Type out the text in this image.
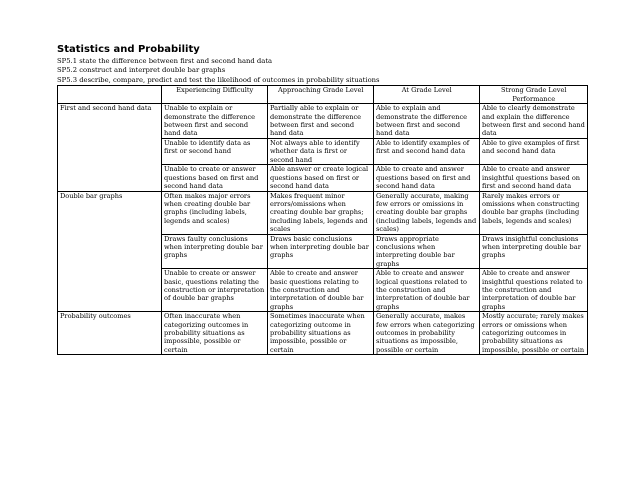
Statistics and Probability
SP5.1 state the difference between first and second hand data
SP5.2 construct and interpret double bar graphs
SP5.3 describe, compare, predict and test the likelihood of outcomes in probability situations
	Experiencing Difficulty	Approaching Grade Level	At Grade Level	Strong Grade Level Performance
First and second hand data	Unable to explain or demonstrate the difference between first and second hand data	Partially able to explain or demonstrate the difference between first and second hand data	Able to explain and demonstrate the difference between first and second hand data	Able to clearly demonstrate and explain the difference between first and second hand data
	Unable to identify data as first or second hand	Not always able to identify whether data is first or second hand	Able to identify examples of first and second hand data	Able to give examples of first and second hand data
	Unable to create or answer questions based on first and second hand data	Able answer or create logical questions based on first or second hand data	Able to create and answer questions based on first and second hand data	Able to create and answer insightful questions based on first and second hand data
Double bar graphs	Often makes major errors when creating double bar graphs (including labels, legends and scales)	Makes frequent minor errors/omissions when creating double bar graphs; including labels, legends and scales	Generally accurate, making few errors or omissions in creating double bar graphs (including labels, legends and scales)	Rarely makes errors or omissions when constructing double bar graphs (including labels, legends and scales)
	Draws faulty conclusions when interpreting double bar graphs	Draws basic conclusions when interpreting double bar graphs	Draws appropriate conclusions when interpreting double bar graphs	Draws insightful conclusions when interpreting double bar graphs
	Unable to create or answer basic, questions relating the construction or interpretation of double bar graphs	Able to create and answer basic questions relating to the construction and interpretation of double bar graphs	Able to create and answer logical questions related to the construction and interpretation of double bar graphs	Able to create and answer insightful questions related to the construction and interpretation of double bar graphs
Probability outcomes	Often inaccurate when categorizing outcomes in probability situations as impossible, possible or certain	Sometimes inaccurate when categorizing outcome in probability situations as impossible, possible or certain	Generally accurate, makes few errors when categorizing outcomes in probability situations as impossible, possible or certain	Mostly accurate; rarely makes errors or omissions when categorizing outcomes in probability situations as impossible, possible or certain
